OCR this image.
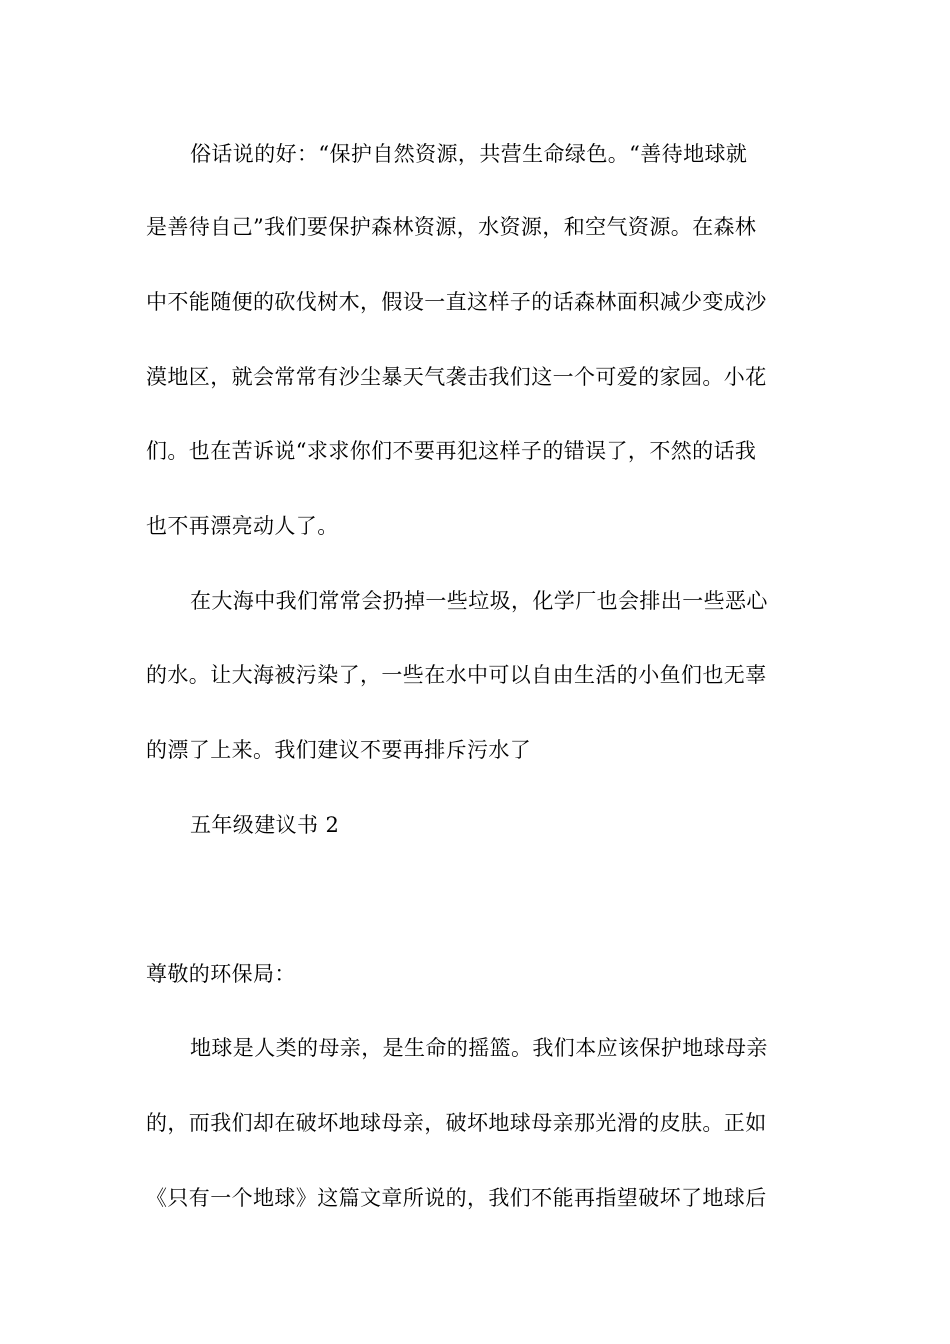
俗话说的好：“保护自然资源，共营生命绿色。“善待地球就
是善待自己”我们要保护森林资源，水资源，和空气资源。在森林
中不能随便的砍伐树木，假设一直这样子的话森林面积减少变成沙
漠地区，就会常常有沙尘暴天气袭击我们这一个可爱的家园。小花
们。也在苦诉说“求求你们不要再犯这样子的错误了，不然的话我
也不再漂亮动人了。
在大海中我们常常会扔掉一些垃圾，化学厂也会排出一些恶心
的水。让大海被污染了，一些在水中可以自由生活的小鱼们也无辜
的漂了上来。我们建议不要再排斥污水了
五年级建议书 2
尊敬的环保局：
地球是人类的母亲，是生命的摇篮。我们本应该保护地球母亲
的，而我们却在破坏地球母亲，破坏地球母亲那光滑的皮肤。正如
《只有一个地球》这篇文章所说的，我们不能再指望破坏了地球后
